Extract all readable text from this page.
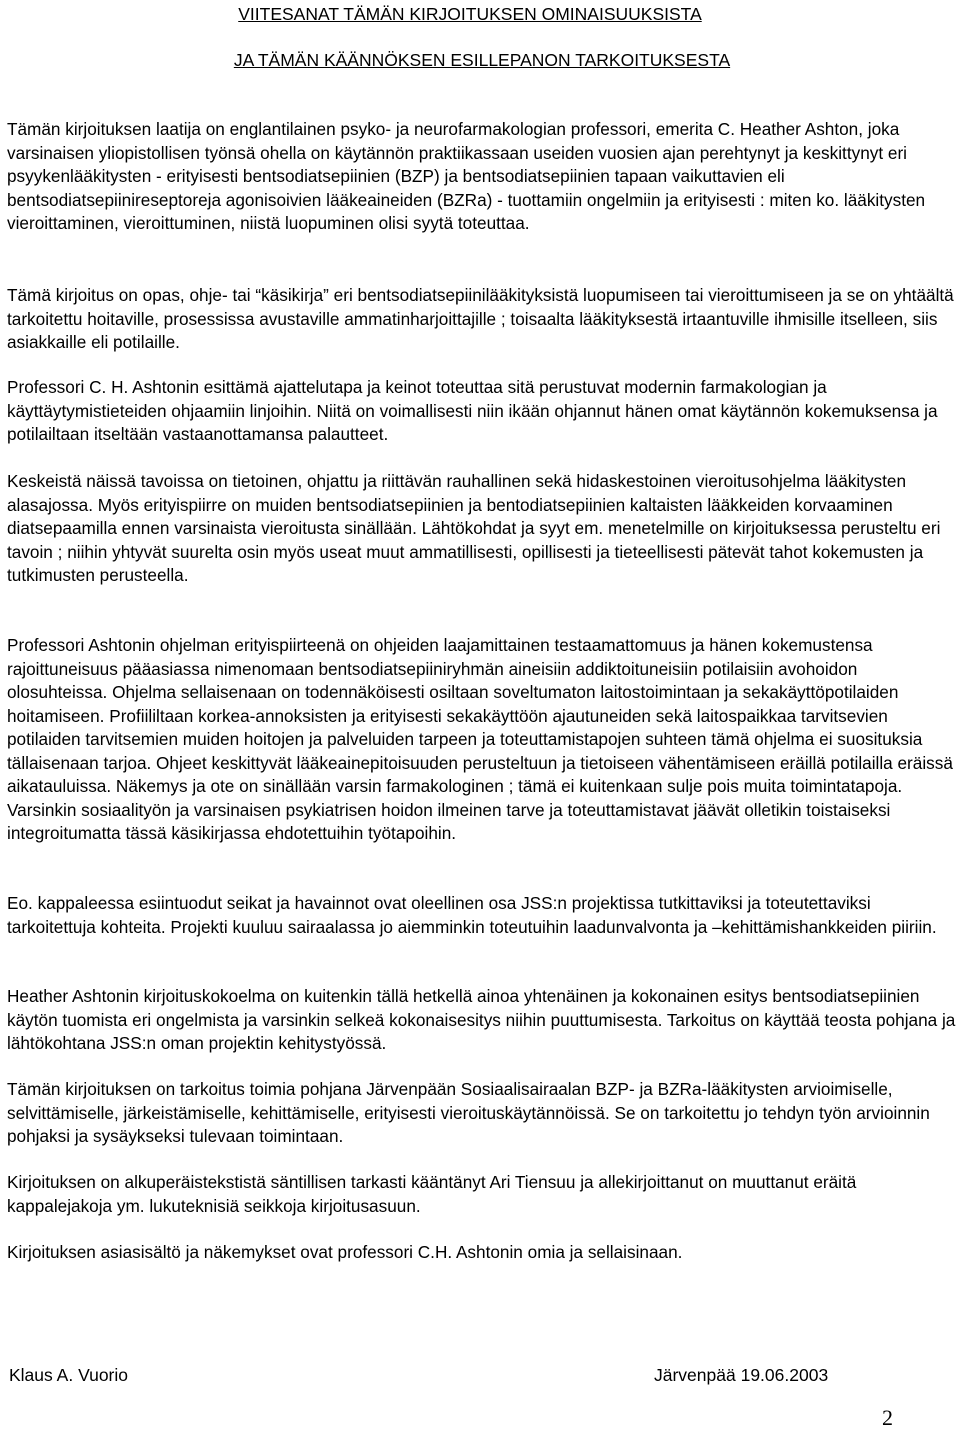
VIITESANAT TÄMÄN KIRJOITUKSEN OMINAISUUKSISTA
JA TÄMÄN KÄÄNNÖKSEN ESILLEPANON TARKOITUKSESTA

Tämän kirjoituksen laatija on englantilainen psyko- ja neurofarmakologian professori, emerita C. Heather Ashton, joka varsinaisen yliopistollisen työnsä ohella on käytännön praktiikassaan useiden vuosien ajan perehtynyt ja keskittynyt eri psyykenlääkitysten - erityisesti bentsodiatsepiinien (BZP) ja bentsodiatsepiinien tapaan vaikuttavien eli bentsodiatsepiinireseptoreja agonisoivien lääkeaineiden (BZRa) - tuottamiin ongelmiin ja erityisesti : miten ko. lääkitysten vieroittaminen, vieroittuminen, niistä luopuminen olisi syytä toteuttaa.

Tämä kirjoitus on opas, ohje- tai “käsikirja” eri bentsodiatsepiinilääkityksistä luopumiseen tai vieroittumiseen ja se on yhtäältä tarkoitettu hoitaville, prosessissa avustaville ammatinharjoittajille ; toisaalta lääkityksestä irtaantuville ihmisille itselleen, siis asiakkaille eli potilaille.

Professori C. H. Ashtonin esittämä ajattelutapa ja keinot toteuttaa sitä perustuvat modernin farmakologian ja käyttäytymistieteiden ohjaamiin linjoihin. Niitä on voimallisesti niin ikään ohjannut hänen omat käytännön kokemuksensa ja potilailtaan itseltään vastaanottamansa palautteet.

Keskeistä näissä tavoissa on tietoinen, ohjattu ja riittävän rauhallinen sekä hidaskestoinen vieroitusohjelma lääkitysten alasajossa. Myös erityispiirre on muiden bentsodiatsepiinien ja bentodiatsepiinien kaltaisten lääkkeiden korvaaminen diatsepaamilla ennen varsinaista vieroitusta sinällään. Lähtökohdat ja syyt em. menetelmille on kirjoituksessa perusteltu eri tavoin ; niihin yhtyvät suurelta osin myös useat muut ammatillisesti, opillisesti ja tieteellisesti pätevät tahot kokemusten ja tutkimusten perusteella.

Professori Ashtonin ohjelman erityispiirteenä on ohjeiden laajamittainen testaamattomuus ja hänen kokemustensa rajoittuneisuus pääasiassa nimenomaan bentsodiatsepiiniryhmän aineisiin addiktoituneisiin potilaisiin avohoidon olosuhteissa. Ohjelma sellaisenaan on todennäköisesti osiltaan soveltumaton laitostoimintaan ja sekakäyttöpotilaiden hoitamiseen. Profiililtaan korkea-annoksisten ja erityisesti sekakäyttöön ajautuneiden sekä laitospaikkaa tarvitsevien potilaiden tarvitsemien muiden hoitojen ja palveluiden tarpeen ja toteuttamistapojen suhteen tämä ohjelma ei suosituksia tällaisenaan tarjoa. Ohjeet keskittyvät lääkeainepitoisuuden perusteltuun ja tietoiseen vähentämiseen eräillä potilailla eräissä aikatauluissa. Näkemys ja ote on sinällään varsin farmakologinen ; tämä ei kuitenkaan sulje pois muita toimintatapoja. Varsinkin sosiaalityön ja varsinaisen psykiatrisen hoidon ilmeinen tarve ja toteuttamistavat jäävät olletikin toistaiseksi integroitumatta tässä käsikirjassa ehdotettuihin työtapoihin.

Eo. kappaleessa esiintuodut seikat ja havainnot ovat oleellinen osa JSS:n projektissa tutkittaviksi ja toteutettaviksi tarkoitettuja kohteita. Projekti kuuluu sairaalassa jo aiemminkin toteutuihin laadunvalvonta ja –kehittämishankkeiden piiriin.

Heather Ashtonin kirjoituskokoelma on kuitenkin tällä hetkellä ainoa yhtenäinen ja kokonainen esitys bentsodiatsepiinien käytön tuomista eri ongelmista ja varsinkin selkeä kokonaisesitys niihin puuttumisesta. Tarkoitus on käyttää teosta pohjana ja lähtökohtana JSS:n oman projektin kehitystyössä.

Tämän kirjoituksen on tarkoitus toimia pohjana Järvenpään Sosiaalisairaalan BZP- ja BZRa-lääkitysten arvioimiselle, selvittämiselle, järkeistämiselle, kehittämiselle, erityisesti vieroituskäytännöissä. Se on tarkoitettu jo tehdyn työn arvioinnin pohjaksi ja sysäykseksi tulevaan toimintaan.

Kirjoituksen on alkuperäistekstistä säntillisen tarkasti kääntänyt Ari Tiensuu ja allekirjoittanut on muuttanut eräitä kappalejakoja ym. lukuteknisiä seikkoja kirjoitusasuun.

Kirjoituksen asiasisältö ja näkemykset ovat professori C.H. Ashtonin omia ja sellaisinaan.

Klaus A. Vuorio	Järvenpää 19.06.2003

2
